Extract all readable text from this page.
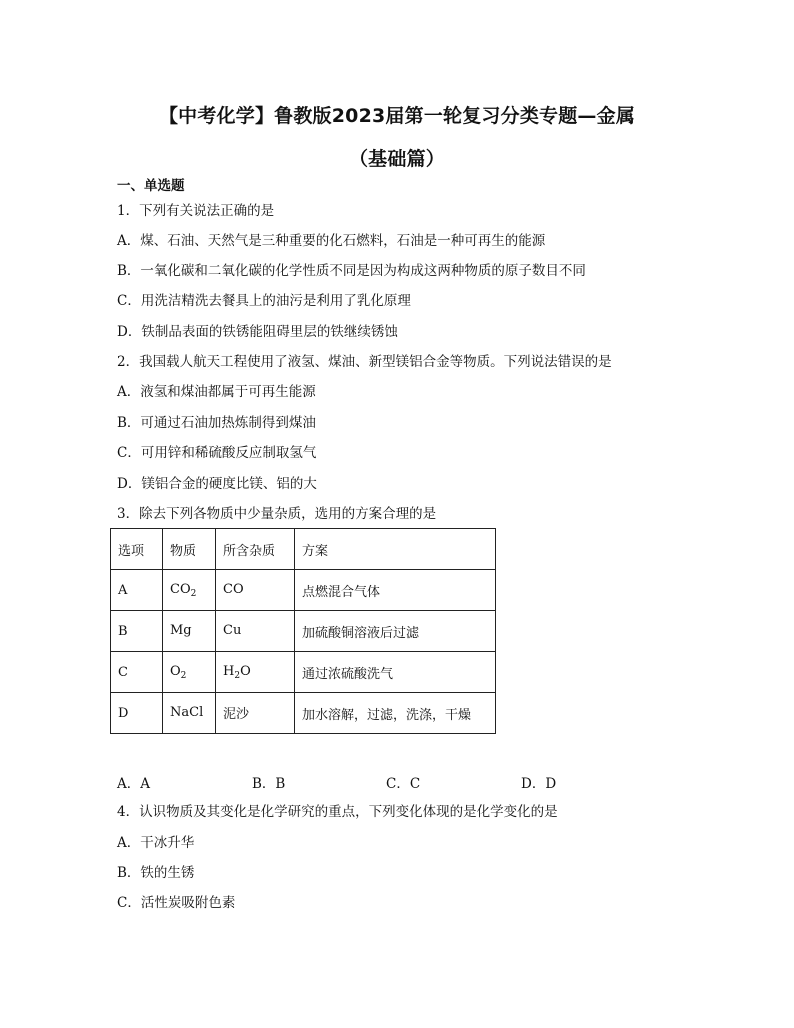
【中考化学】鲁教版2023届第一轮复习分类专题—金属
（基础篇）
一、单选题
1．下列有关说法正确的是
A．煤、石油、天然气是三种重要的化石燃料，石油是一种可再生的能源
B．一氧化碳和二氧化碳的化学性质不同是因为构成这两种物质的原子数目不同
C．用洗洁精洗去餐具上的油污是利用了乳化原理
D．铁制品表面的铁锈能阻碍里层的铁继续锈蚀
2．我国载人航天工程使用了液氢、煤油、新型镁铝合金等物质。下列说法错误的是
A．液氢和煤油都属于可再生能源
B．可通过石油加热炼制得到煤油
C．可用锌和稀硫酸反应制取氢气
D．镁铝合金的硬度比镁、铝的大
3．除去下列各物质中少量杂质，选用的方案合理的是
选项	物质	所含杂质	方案
A	$CO_2$	CO	点燃混合气体
B	Mg	Cu	加硫酸铜溶液后过滤
C	$O_2$	$H_2O$	通过浓硫酸洗气
D	NaCl	泥沙	加水溶解，过滤，洗涤，干燥
A．A	B．B	C．C	D．D
4．认识物质及其变化是化学研究的重点，下列变化体现的是化学变化的是
A．干冰升华
B．铁的生锈
C．活性炭吸附色素
